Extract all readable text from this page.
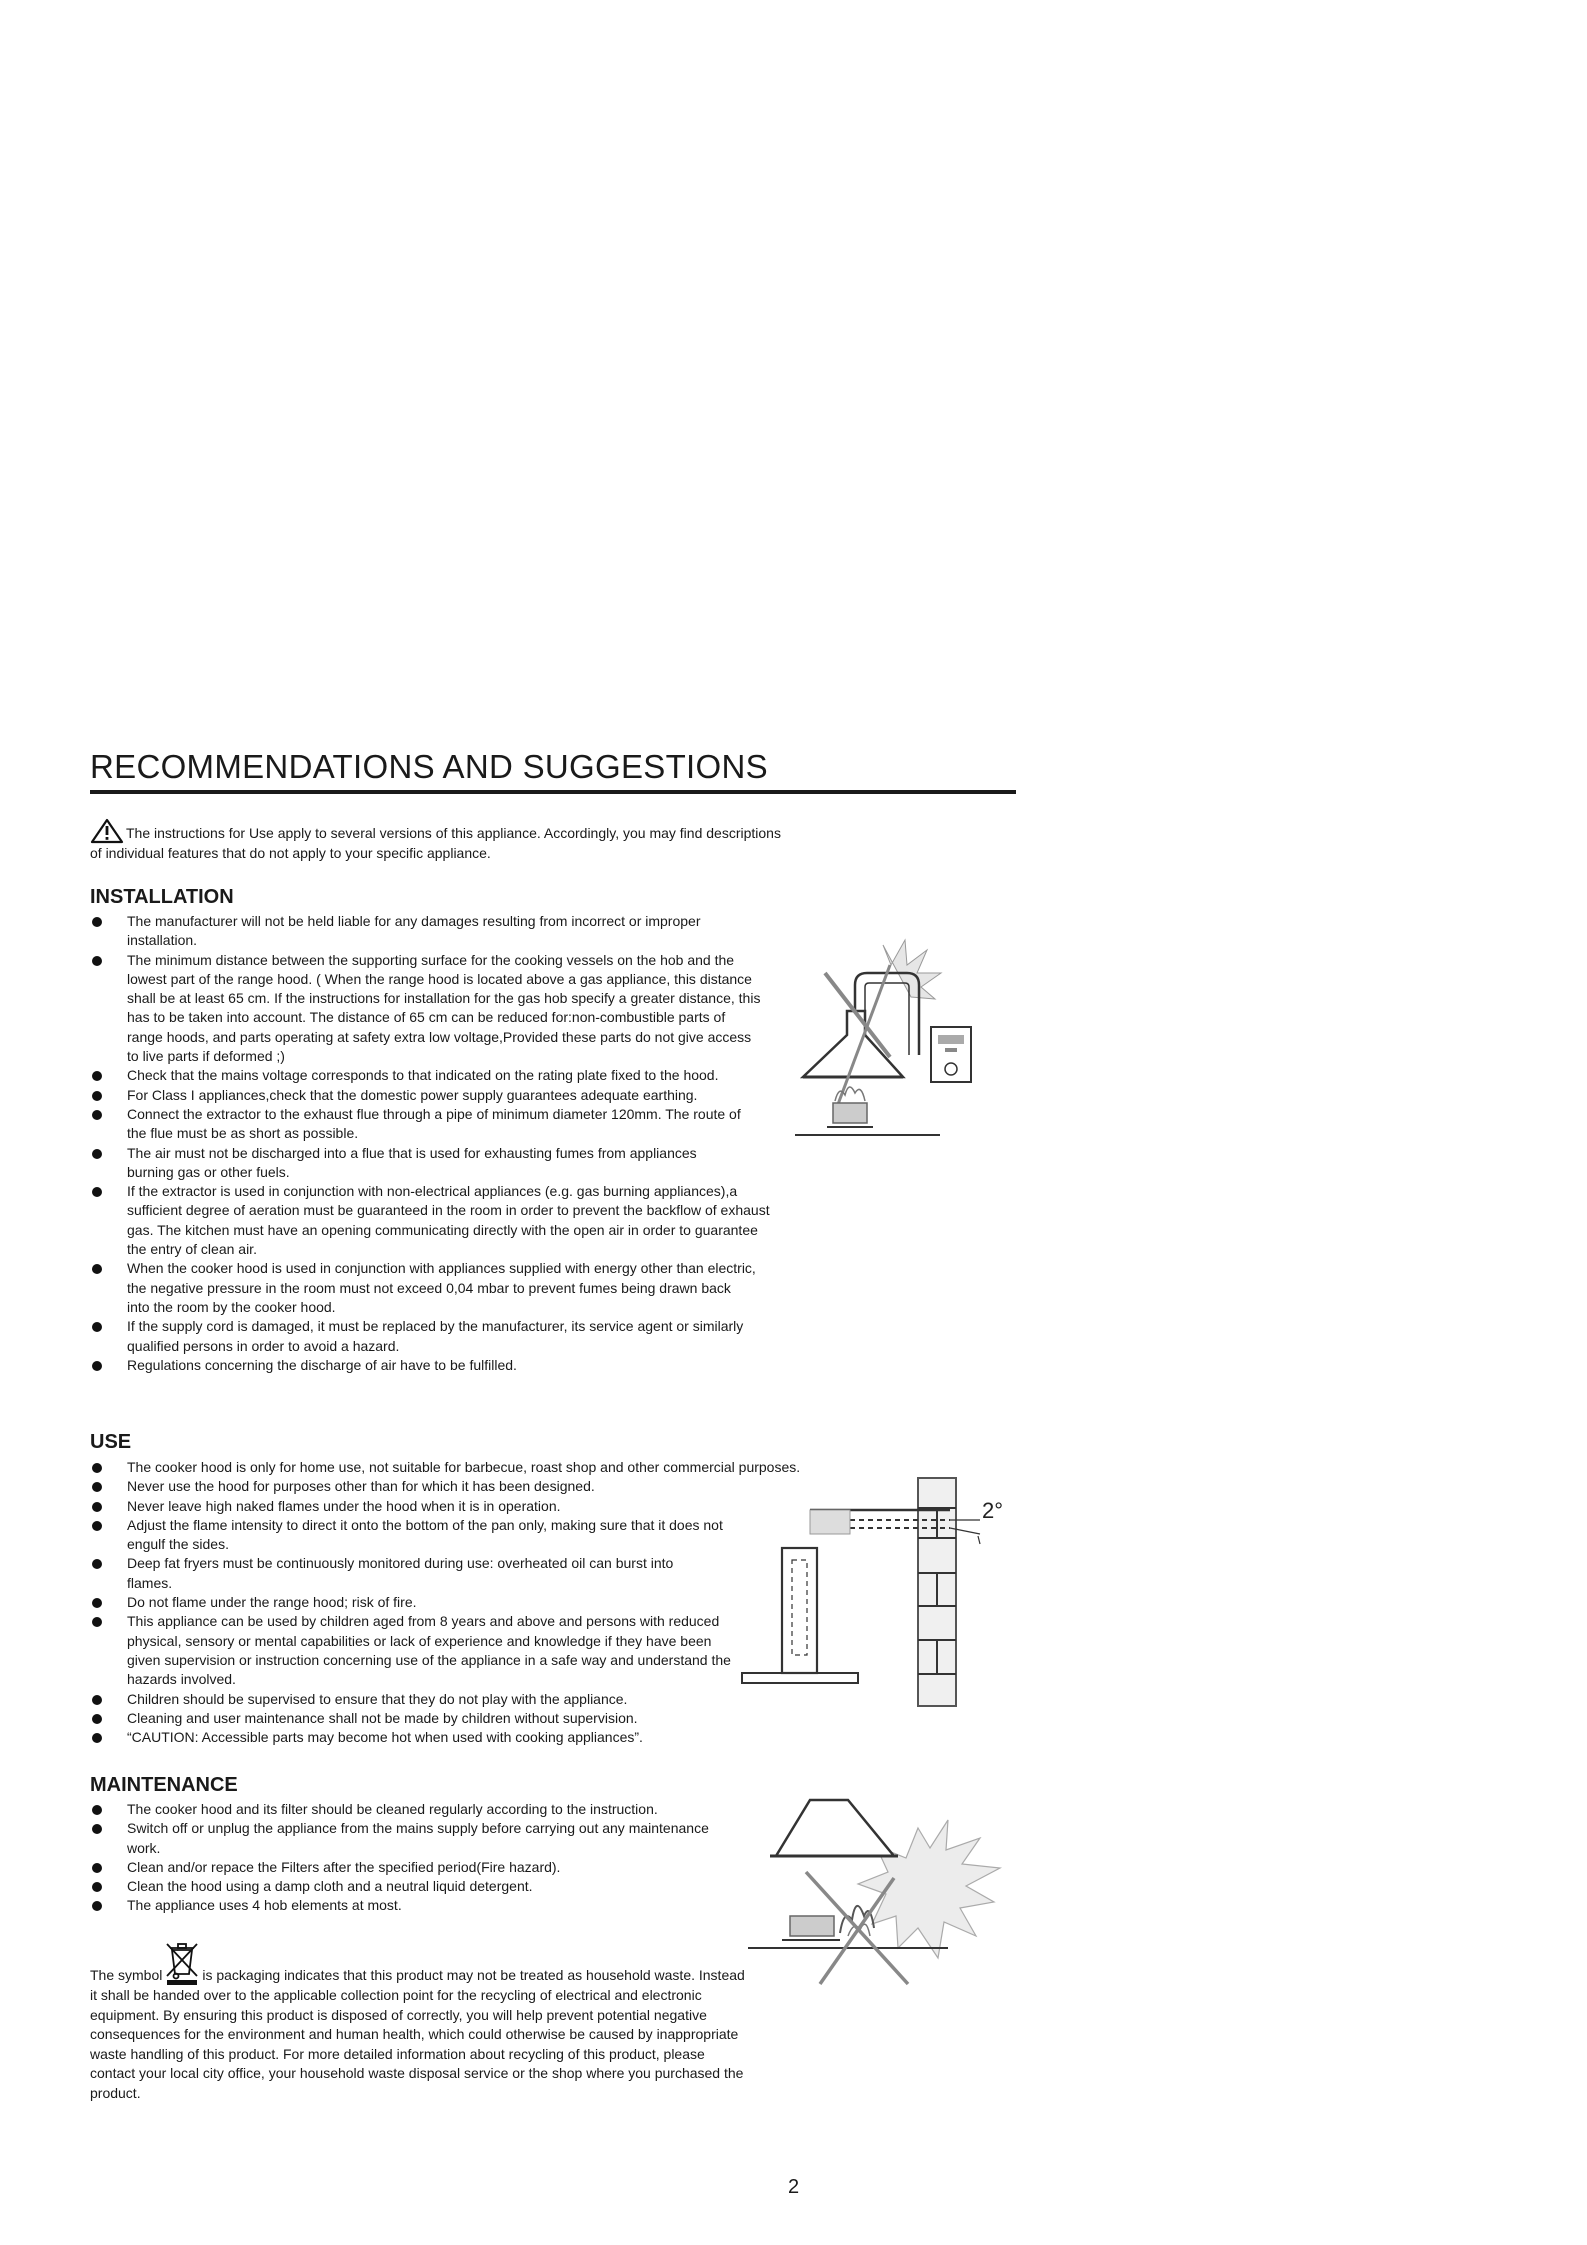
RECOMMENDATIONS AND SUGGESTIONS
The instructions for Use apply to several versions of this appliance. Accordingly, you may find descriptions of individual features that do not apply to your specific appliance.
INSTALLATION
The manufacturer will not be held liable for any damages resulting from incorrect or improper installation.
The minimum distance between the supporting surface for the cooking vessels on the hob and the lowest part of the range hood. ( When the range hood is located above a gas appliance, this distance shall be at least 65 cm. If the instructions for installation for the gas hob specify a greater distance, this has to be taken into account. The distance of 65 cm can be reduced for:non-combustible parts of range hoods, and parts operating at safety extra low voltage,Provided these parts do not give access to live parts if deformed ;)
Check that the mains voltage corresponds to that indicated on the rating plate fixed to the hood.
For Class I appliances,check that the domestic power supply guarantees adequate earthing.
Connect the extractor to the exhaust flue through a pipe of minimum diameter 120mm. The route of the flue must be as short as possible.
The air must not be discharged into a flue that is used for exhausting fumes from appliances burning gas or other fuels.
If the extractor is used in conjunction with non-electrical appliances (e.g. gas burning appliances),a sufficient degree of aeration must be guaranteed in the room in order to prevent the backflow of exhaust gas. The kitchen must have an opening communicating directly with the open air in order to guarantee the entry of clean air.
When the cooker hood is used in conjunction with appliances supplied with energy other than electric, the negative pressure in the room must not exceed 0,04 mbar to prevent fumes being drawn back into the room by the cooker hood.
If the supply cord is damaged, it must be replaced by the manufacturer, its service agent or similarly qualified persons in order to avoid a hazard.
Regulations concerning the discharge of air have to be fulfilled.
USE
The cooker hood is only for home use, not suitable for barbecue, roast shop and other commercial purposes.
Never use the hood for purposes other than for which it has been designed.
Never leave high naked flames under the hood when it is in operation.
Adjust the flame intensity to direct it onto the bottom of the pan only, making sure that it does not engulf the sides.
Deep fat fryers must be continuously monitored during use: overheated oil can burst into flames.
Do not flame under the range hood; risk of fire.
This appliance can be used by children aged from 8 years and above and persons with reduced physical, sensory or mental capabilities or lack of experience and knowledge if they have been given supervision or instruction concerning use of the appliance in a safe way and understand the hazards involved.
Children should be supervised to ensure that they do not play with the appliance.
Cleaning and user maintenance shall not be made by children without supervision.
“CAUTION: Accessible parts may become hot when used with cooking appliances”.
2°
MAINTENANCE
The cooker hood and its filter should be cleaned regularly according to the instruction.
Switch off or unplug the appliance from the mains supply before carrying out any maintenance work.
Clean and/or repace the Filters after the specified period(Fire hazard).
Clean the hood using a damp cloth and a neutral liquid detergent.
The appliance uses 4 hob elements at most.
The symbol	is packaging indicates that this product may not be treated as household waste. Instead it shall be handed over to the applicable collection point for the recycling of electrical and electronic equipment. By ensuring this product is disposed of correctly, you will help prevent potential negative consequences for the environment and human health, which could otherwise be caused by inappropriate waste handling of this product. For more detailed information about recycling of this product, please contact your local city office, your household waste disposal service or the shop where you purchased the product.
2
